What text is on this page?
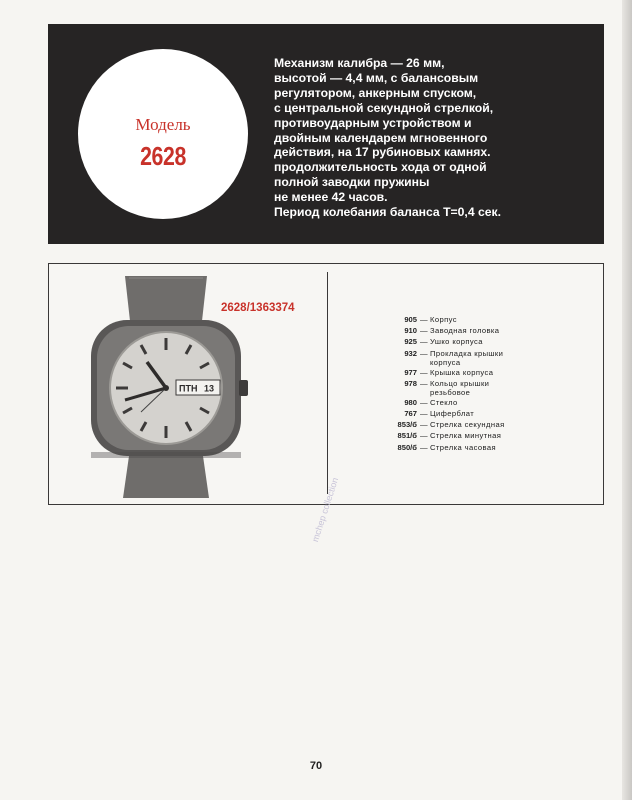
Модель
2628
Механизм калибра — 26 мм,
высотой — 4,4 мм, с балансовым
регулятором, анкерным спуском,
с центральной секундной стрелкой,
противоударным устройством и
двойным календарем мгновенного
действия, на 17 рубиновых камнях.
продолжительность хода от одной
полной заводки пружины
не менее 42 часов.
Период колебания баланса Т=0,4 сек.
ПТН 13
2628/1363374
905 — Корпус
910 — Заводная головка
925 — Ушко корпуса
932 — Прокладка крышки корпуса
977 — Крышка корпуса
978 — Кольцо крышки резьбовое
980 — Стекло
767 — Циферблат
853/б — Стрелка секундная
851/б — Стрелка минутная
850/б — Стрелка часовая
mchep collection
70
